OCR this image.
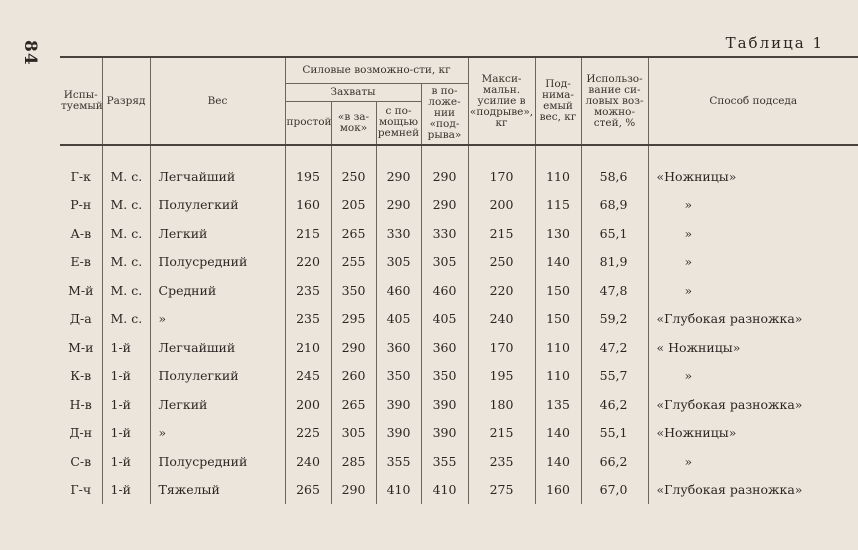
84	Таблица 1
Испы-туемый	Разряд	Вес	Силовые возможно-сти, кг				Макси-мальн. усилие в «подрыве», кг	Под-нима-емый вес, кг	Использо-вание си-ловых воз-можно-стей, %	Способ подседа
			Захваты			в по-ложе-нии «под-рыва»				
			простой	«в за-мок»	с по-мощью ремней					

Г-к	М. с.	Легчайший	195	250	290	290	170	110	58,6	«Ножницы»
Р-н	М. с.	Полулегкий	160	205	290	290	200	115	68,9	»
А-в	М. с.	Легкий	215	265	330	330	215	130	65,1	»
Е-в	М. с.	Полусредний	220	255	305	305	250	140	81,9	»
М-й	М. с.	Средний	235	350	460	460	220	150	47,8	»
Д-а	М. с.	»	235	295	405	405	240	150	59,2	«Глубокая разножка»
М-и	1-й	Легчайший	210	290	360	360	170	110	47,2	« Ножницы»
К-в	1-й	Полулегкий	245	260	350	350	195	110	55,7	»
Н-в	1-й	Легкий	200	265	390	390	180	135	46,2	«Глубокая разножка»
Д-н	1-й	»	225	305	390	390	215	140	55,1	«Ножницы»
С-в	1-й	Полусредний	240	285	355	355	235	140	66,2	»
Г-ч	1-й	Тяжелый	265	290	410	410	275	160	67,0	«Глубокая разножка»
